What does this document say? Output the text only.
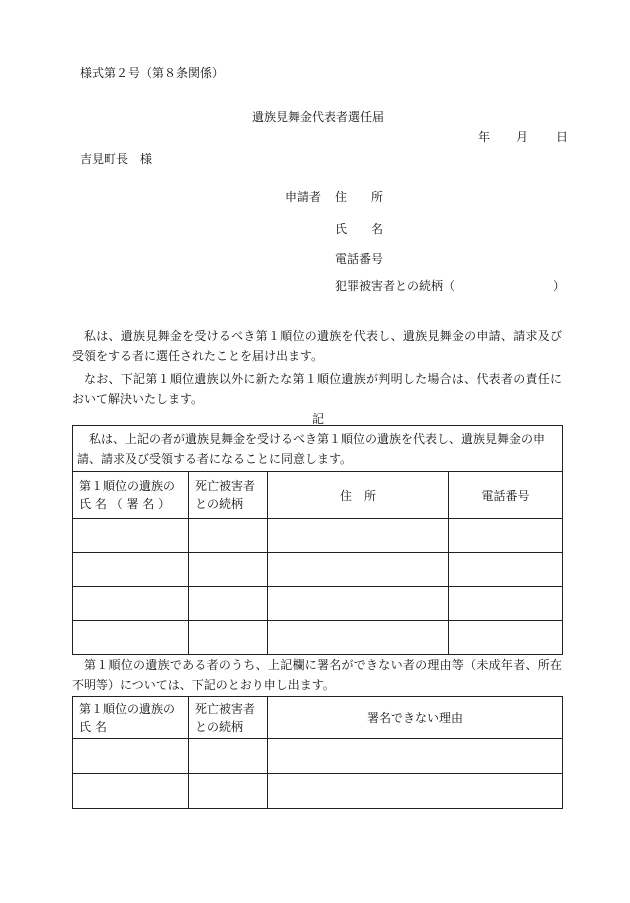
様式第２号（第８条関係）
遺族見舞金代表者選任届
年 月 日
吉見町長　様
申請者 住　　所
氏　　名
電話番号
犯罪被害者との続柄（	）
私は、遺族見舞金を受けるべき第１順位の遺族を代表し、遺族見舞金の申請、請求及び受領をする者に選任されたことを届け出ます。
なお、下記第１順位遺族以外に新たな第１順位遺族が判明した場合は、代表者の責任において解決いたします。
記
私は、上記の者が遺族見舞金を受けるべき第１順位の遺族を代表し、遺族見舞金の申請、請求及び受領する者になることに同意します。			
第１順位の遺族の氏 名 （ 署 名 ）	死亡被害者との続柄	住　所	電話番号

第１順位の遺族である者のうち、上記欄に署名ができない者の理由等（未成年者、所在不明等）については、下記のとおり申し出ます。
第１順位の遺族の氏 名	死亡被害者との続柄	署名できない理由
